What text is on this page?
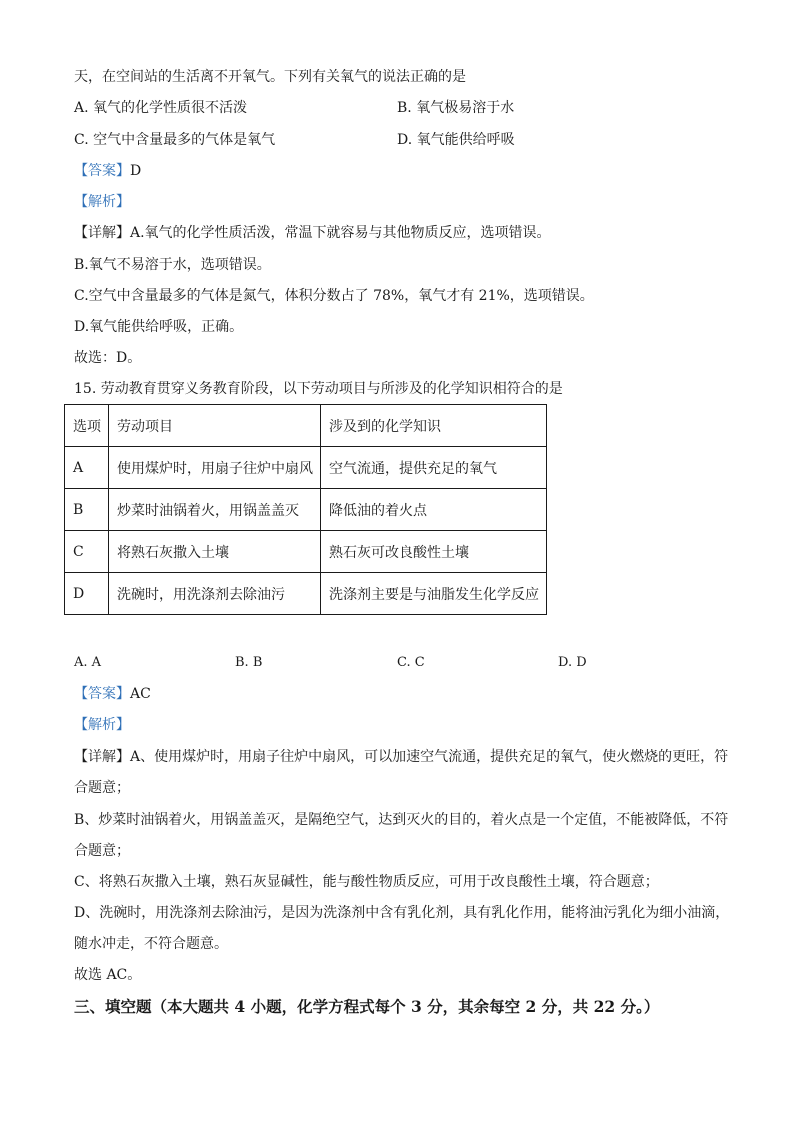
天，在空间站的生活离不开氧气。下列有关氧气的说法正确的是
A. 氧气的化学性质很不活泼	B. 氧气极易溶于水
C. 空气中含量最多的气体是氧气	D. 氧气能供给呼吸
【答案】D
【解析】
【详解】A.氧气的化学性质活泼，常温下就容易与其他物质反应，选项错误。
B.氧气不易溶于水，选项错误。
C.空气中含量最多的气体是氮气，体积分数占了 78%，氧气才有 21%，选项错误。
D.氧气能供给呼吸，正确。
故选：D。
15. 劳动教育贯穿义务教育阶段，以下劳动项目与所涉及的化学知识相符合的是
选项	劳动项目	涉及到的化学知识
A	使用煤炉时，用扇子往炉中扇风	空气流通，提供充足的氧气
B	炒菜时油锅着火，用锅盖盖灭	降低油的着火点
C	将熟石灰撒入土壤	熟石灰可改良酸性土壤
D	洗碗时，用洗涤剂去除油污	洗涤剂主要是与油脂发生化学反应
A. A	B. B	C. C	D. D
【答案】AC
【解析】
【详解】A、使用煤炉时，用扇子往炉中扇风，可以加速空气流通，提供充足的氧气，使火燃烧的更旺，符
合题意；
B、炒菜时油锅着火，用锅盖盖灭，是隔绝空气，达到灭火的目的，着火点是一个定值，不能被降低，不符
合题意；
C、将熟石灰撒入土壤，熟石灰显碱性，能与酸性物质反应，可用于改良酸性土壤，符合题意；
D、洗碗时，用洗涤剂去除油污，是因为洗涤剂中含有乳化剂，具有乳化作用，能将油污乳化为细小油滴，
随水冲走，不符合题意。
故选 AC。
三、填空题（本大题共 4 小题，化学方程式每个 3 分，其余每空 2 分，共 22 分。）
